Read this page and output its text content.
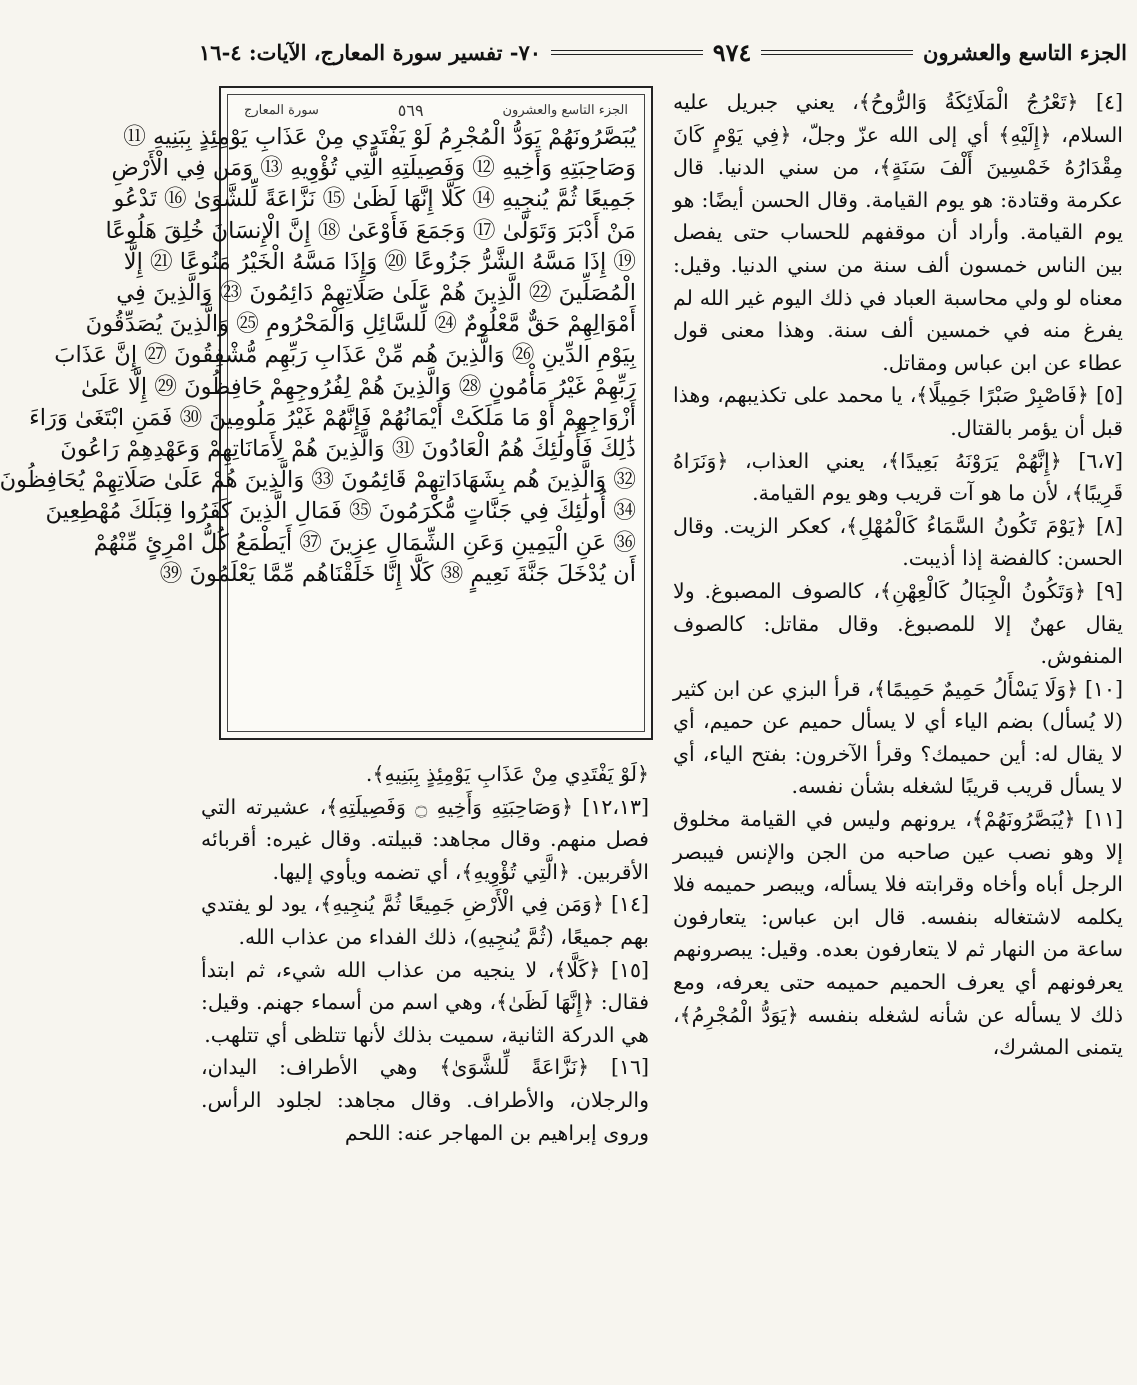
الجزء التاسع والعشرون
٩٧٤
٧٠- تفسير سورة المعارج، الآيات: ٤-١٦

[٤] ﴿تَعْرُجُ الْمَلَائِكَةُ وَالرُّوحُ﴾، يعني جبريل عليه السلام، ﴿إِلَيْهِ﴾ أي إلى الله عزّ وجلّ، ﴿فِي يَوْمٍ كَانَ مِقْدَارُهُ خَمْسِينَ أَلْفَ سَنَةٍ﴾، من سني الدنيا. قال عكرمة وقتادة: هو يوم القيامة. وقال الحسن أيضًا: هو يوم القيامة. وأراد أن موقفهم للحساب حتى يفصل بين الناس خمسون ألف سنة من سني الدنيا. وقيل: معناه لو ولي محاسبة العباد في ذلك اليوم غير الله لم يفرغ منه في خمسين ألف سنة. وهذا معنى قول عطاء عن ابن عباس ومقاتل.

[٥] ﴿فَاصْبِرْ صَبْرًا جَمِيلًا﴾، يا محمد على تكذيبهم، وهذا قبل أن يؤمر بالقتال.

[٦،٧] ﴿إِنَّهُمْ يَرَوْنَهُ بَعِيدًا﴾، يعني العذاب، ﴿وَنَرَاهُ قَرِيبًا﴾، لأن ما هو آت قريب وهو يوم القيامة.

[٨] ﴿يَوْمَ تَكُونُ السَّمَاءُ كَالْمُهْلِ﴾، كعكر الزيت. وقال الحسن: كالفضة إذا أذيبت.

[٩] ﴿وَتَكُونُ الْجِبَالُ كَالْعِهْنِ﴾، كالصوف المصبوغ. ولا يقال عهنٌ إلا للمصبوغ. وقال مقاتل: كالصوف المنفوش.

[١٠] ﴿وَلَا يَسْأَلُ حَمِيمٌ حَمِيمًا﴾، قرأ البزي عن ابن كثير (لا يُسأل) بضم الياء أي لا يسأل حميم عن حميم، أي لا يقال له: أين حميمك؟ وقرأ الآخرون: بفتح الياء، أي لا يسأل قريب قريبًا لشغله بشأن نفسه.

[١١] ﴿يُبَصَّرُونَهُمْ﴾، يرونهم وليس في القيامة مخلوق إلا وهو نصب عين صاحبه من الجن والإنس فيبصر الرجل أباه وأخاه وقرابته فلا يسأله، ويبصر حميمه فلا يكلمه لاشتغاله بنفسه. قال ابن عباس: يتعارفون ساعة من النهار ثم لا يتعارفون بعده. وقيل: يبصرونهم يعرفونهم أي يعرف الحميم حميمه حتى يعرفه، ومع ذلك لا يسأله عن شأنه لشغله بنفسه ﴿يَوَدُّ الْمُجْرِمُ﴾، يتمنى المشرك،

الجزء التاسع والعشرون
٥٦٩
سورة المعارج
يُبَصَّرُونَهُمْ يَوَدُّ الْمُجْرِمُ لَوْ يَفْتَدِي مِنْ عَذَابِ يَوْمِئِذٍ بِبَنِيهِ ⑪
وَصَاحِبَتِهِ وَأَخِيهِ ⑫ وَفَصِيلَتِهِ الَّتِي تُؤْوِيهِ ⑬ وَمَن فِي الْأَرْضِ
جَمِيعًا ثُمَّ يُنجِيهِ ⑭ كَلَّا إِنَّهَا لَظَىٰ ⑮ نَزَّاعَةً لِّلشَّوَىٰ ⑯ تَدْعُو
مَنْ أَدْبَرَ وَتَوَلَّىٰ ⑰ وَجَمَعَ فَأَوْعَىٰ ⑱ إِنَّ الْإِنسَانَ خُلِقَ هَلُوعًا
⑲ إِذَا مَسَّهُ الشَّرُّ جَزُوعًا ⑳ وَإِذَا مَسَّهُ الْخَيْرُ مَنُوعًا ㉑ إِلَّا
الْمُصَلِّينَ ㉒ الَّذِينَ هُمْ عَلَىٰ صَلَاتِهِمْ دَائِمُونَ ㉓ وَالَّذِينَ فِي
أَمْوَالِهِمْ حَقٌّ مَّعْلُومٌ ㉔ لِّلسَّائِلِ وَالْمَحْرُومِ ㉕ وَالَّذِينَ يُصَدِّقُونَ
بِيَوْمِ الدِّينِ ㉖ وَالَّذِينَ هُم مِّنْ عَذَابِ رَبِّهِم مُّشْفِقُونَ ㉗ إِنَّ عَذَابَ
رَبِّهِمْ غَيْرُ مَأْمُونٍ ㉘ وَالَّذِينَ هُمْ لِفُرُوجِهِمْ حَافِظُونَ ㉙ إِلَّا عَلَىٰ
أَزْوَاجِهِمْ أَوْ مَا مَلَكَتْ أَيْمَانُهُمْ فَإِنَّهُمْ غَيْرُ مَلُومِينَ ㉚ فَمَنِ ابْتَغَىٰ وَرَاءَ
ذَٰلِكَ فَأُولَٰئِكَ هُمُ الْعَادُونَ ㉛ وَالَّذِينَ هُمْ لِأَمَانَاتِهِمْ وَعَهْدِهِمْ رَاعُونَ
㉜ وَالَّذِينَ هُم بِشَهَادَاتِهِمْ قَائِمُونَ ㉝ وَالَّذِينَ هُمْ عَلَىٰ صَلَاتِهِمْ يُحَافِظُونَ
㉞ أُولَٰئِكَ فِي جَنَّاتٍ مُّكْرَمُونَ ㉟ فَمَالِ الَّذِينَ كَفَرُوا قِبَلَكَ مُهْطِعِينَ
㊱ عَنِ الْيَمِينِ وَعَنِ الشِّمَالِ عِزِينَ ㊲ أَيَطْمَعُ كُلُّ امْرِئٍ مِّنْهُمْ
أَن يُدْخَلَ جَنَّةَ نَعِيمٍ ㊳ كَلَّا إِنَّا خَلَقْنَاهُم مِّمَّا يَعْلَمُونَ ㊴

﴿لَوْ يَفْتَدِي مِنْ عَذَابِ يَوْمِئِذٍ بِبَنِيهِ﴾.

[١٢،١٣] ﴿وَصَاحِبَتِهِ وَأَخِيهِ ۝ وَفَصِيلَتِهِ﴾، عشيرته التي فصل منهم. وقال مجاهد: قبيلته. وقال غيره: أقربائه الأقربين. ﴿الَّتِي تُؤْوِيهِ﴾، أي تضمه ويأوي إليها.

[١٤] ﴿وَمَن فِي الْأَرْضِ جَمِيعًا ثُمَّ يُنجِيهِ﴾، يود لو يفتدي بهم جميعًا، (ثُمَّ يُنجِيهِ)، ذلك الفداء من عذاب الله.

[١٥] ﴿كَلَّا﴾، لا ينجيه من عذاب الله شيء، ثم ابتدأ فقال: ﴿إِنَّهَا لَظَىٰ﴾، وهي اسم من أسماء جهنم. وقيل: هي الدركة الثانية، سميت بذلك لأنها تتلظى أي تتلهب.

[١٦] ﴿نَزَّاعَةً لِّلشَّوَىٰ﴾ وهي الأطراف: اليدان، والرجلان، والأطراف. وقال مجاهد: لجلود الرأس. وروى إبراهيم بن المهاجر عنه: اللحم
